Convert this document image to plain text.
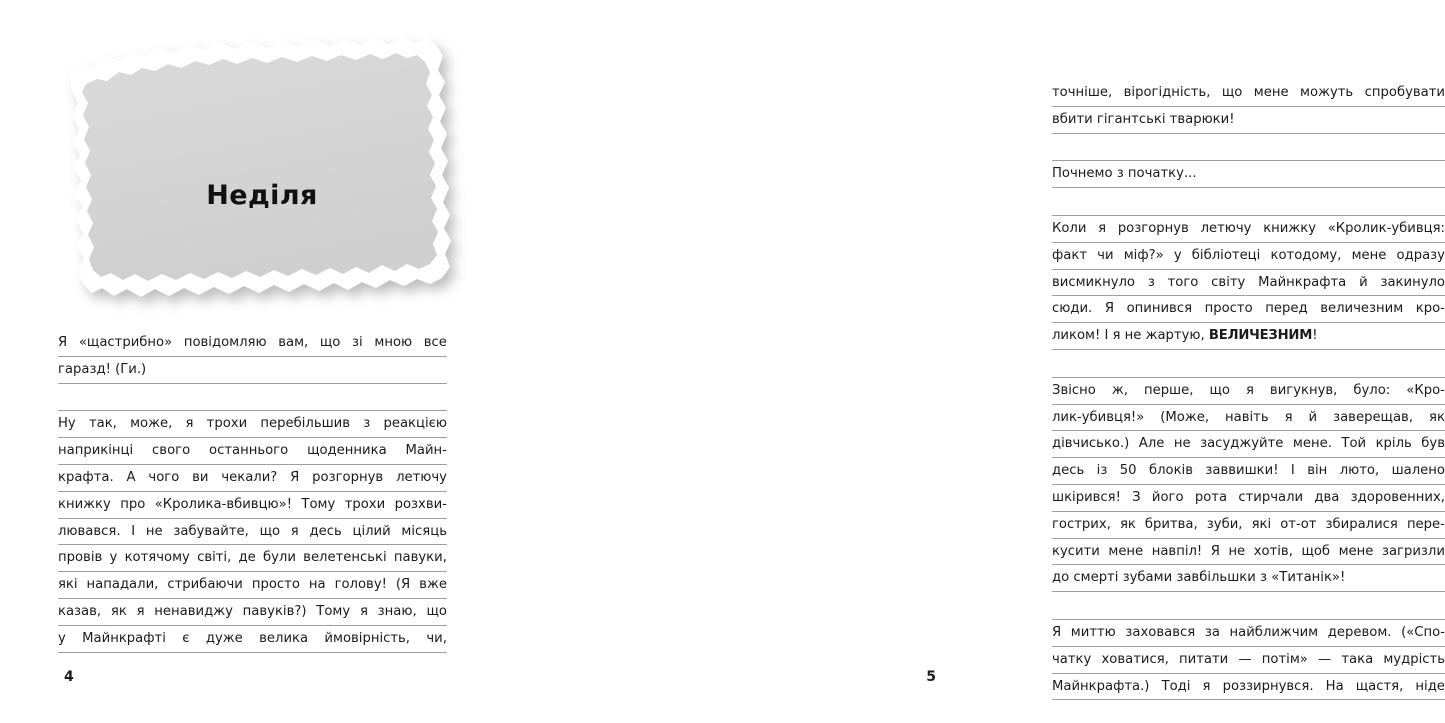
Неділя
Я «щастрибно» повідомляю вам, що зі мною все
гаразд! (Ги.)
Ну так, може, я трохи перебільшив з реакцією
наприкінці свого останнього щоденника Майн-
крафта. А чого ви чекали? Я розгорнув летючу
книжку про «Кролика-вбивцю»! Тому трохи розхви-
лювався. І не забувайте, що я десь цілий місяць
провів у котячому світі, де були велетенські павуки,
які нападали, стрибаючи просто на голову! (Я вже
казав, як я ненавиджу павуків?) Тому я знаю, що
у Майнкрафті є дуже велика ймовірність, чи,
4
точніше, вірогідність, що мене можуть спробувати
вбити гігантські тварюки!
Почнемо з початку...
Коли я розгорнув летючу книжку «Кролик-убивця:
факт чи міф?» у бібліотеці котодому, мене одразу
висмикнуло з того світу Майнкрафта й закинуло
сюди. Я опинився просто перед величезним кро-
ликом! І я не жартую, ВЕЛИЧЕЗНИМ!
Звісно ж, перше, що я вигукнув, було: «Кро-
лик-убивця!» (Може, навіть я й заверещав, як
дівчисько.) Але не засуджуйте мене. Той кріль був
десь із 50 блоків заввишки! І він люто, шалено
шкірився! З його рота стирчали два здоровенних,
гострих, як бритва, зуби, які от-от збиралися пере-
кусити мене навпіл! Я не хотів, щоб мене загризли
до смерті зубами завбільшки з «Титанік»!
Я миттю заховався за найближчим деревом. («Спо-
чатку ховатися, питати — потім» — така мудрість
Майнкрафта.) Тоді я роззирнувся. На щастя, ніде
5
